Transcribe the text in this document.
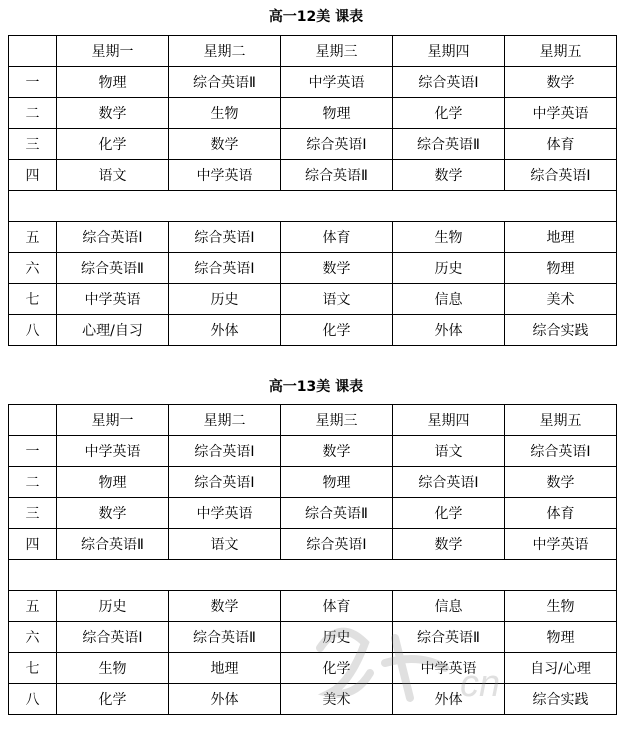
高一12美 课表
	星期一	星期二	星期三	星期四	星期五
一	物理	综合英语Ⅱ	中学英语	综合英语Ⅰ	数学
二	数学	生物	物理	化学	中学英语
三	化学	数学	综合英语Ⅰ	综合英语Ⅱ	体育
四	语文	中学英语	综合英语Ⅱ	数学	综合英语Ⅰ

五	综合英语Ⅰ	综合英语Ⅰ	体育	生物	地理
六	综合英语Ⅱ	综合英语Ⅰ	数学	历史	物理
七	中学英语	历史	语文	信息	美术
八	心理/自习	外体	化学	外体	综合实践
高一13美 课表
	星期一	星期二	星期三	星期四	星期五
一	中学英语	综合英语Ⅰ	数学	语文	综合英语Ⅰ
二	物理	综合英语Ⅰ	物理	综合英语Ⅰ	数学
三	数学	中学英语	综合英语Ⅱ	化学	体育
四	综合英语Ⅱ	语文	综合英语Ⅰ	数学	中学英语

五	历史	数学	体育	信息	生物
六	综合英语Ⅰ	综合英语Ⅱ	历史	综合英语Ⅱ	物理
七	生物	地理	化学	中学英语	自习/心理
八	化学	外体	美术	外体	综合实践
cn
